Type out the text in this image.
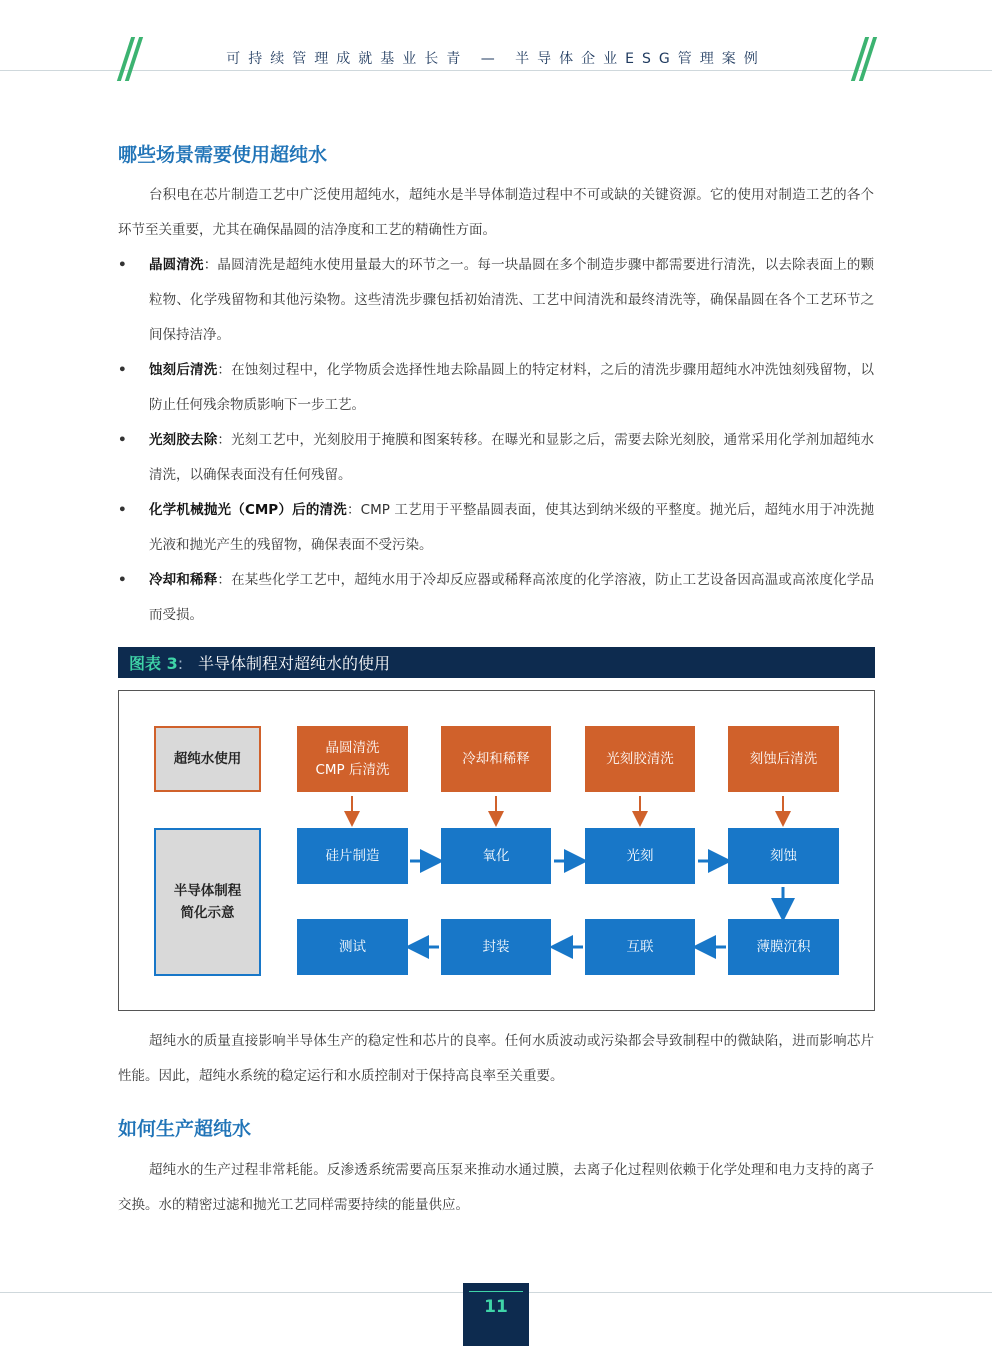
可持续管理成就基业长青 — 半导体企业ESG管理案例
哪些场景需要使用超纯水
台积电在芯片制造工艺中广泛使用超纯水，超纯水是半导体制造过程中不可或缺的关键资源。它的使用对制造工艺的各个环节至关重要，尤其在确保晶圆的洁净度和工艺的精确性方面。
• 晶圆清洗：晶圆清洗是超纯水使用量最大的环节之一。每一块晶圆在多个制造步骤中都需要进行清洗，以去除表面上的颗粒物、化学残留物和其他污染物。这些清洗步骤包括初始清洗、工艺中间清洗和最终清洗等，确保晶圆在各个工艺环节之间保持洁净。
• 蚀刻后清洗：在蚀刻过程中，化学物质会选择性地去除晶圆上的特定材料，之后的清洗步骤用超纯水冲洗蚀刻残留物，以防止任何残余物质影响下一步工艺。
• 光刻胶去除：光刻工艺中，光刻胶用于掩膜和图案转移。在曝光和显影之后，需要去除光刻胶，通常采用化学剂加超纯水清洗，以确保表面没有任何残留。
• 化学机械抛光（CMP）后的清洗：CMP 工艺用于平整晶圆表面，使其达到纳米级的平整度。抛光后，超纯水用于冲洗抛光液和抛光产生的残留物，确保表面不受污染。
• 冷却和稀释：在某些化学工艺中，超纯水用于冷却反应器或稀释高浓度的化学溶液，防止工艺设备因高温或高浓度化学品而受损。
图表 3: 半导体制程对超纯水的使用
超纯水使用
半导体制程
简化示意
晶圆清洗
CMP 后清洗
冷却和稀释	光刻胶清洗	刻蚀后清洗
硅片制造	氧化	光刻	刻蚀
测试	封装	互联	薄膜沉积
超纯水的质量直接影响半导体生产的稳定性和芯片的良率。任何水质波动或污染都会导致制程中的微缺陷，进而影响芯片性能。因此，超纯水系统的稳定运行和水质控制对于保持高良率至关重要。
如何生产超纯水
超纯水的生产过程非常耗能。反渗透系统需要高压泵来推动水通过膜，去离子化过程则依赖于化学处理和电力支持的离子交换。水的精密过滤和抛光工艺同样需要持续的能量供应。
11
